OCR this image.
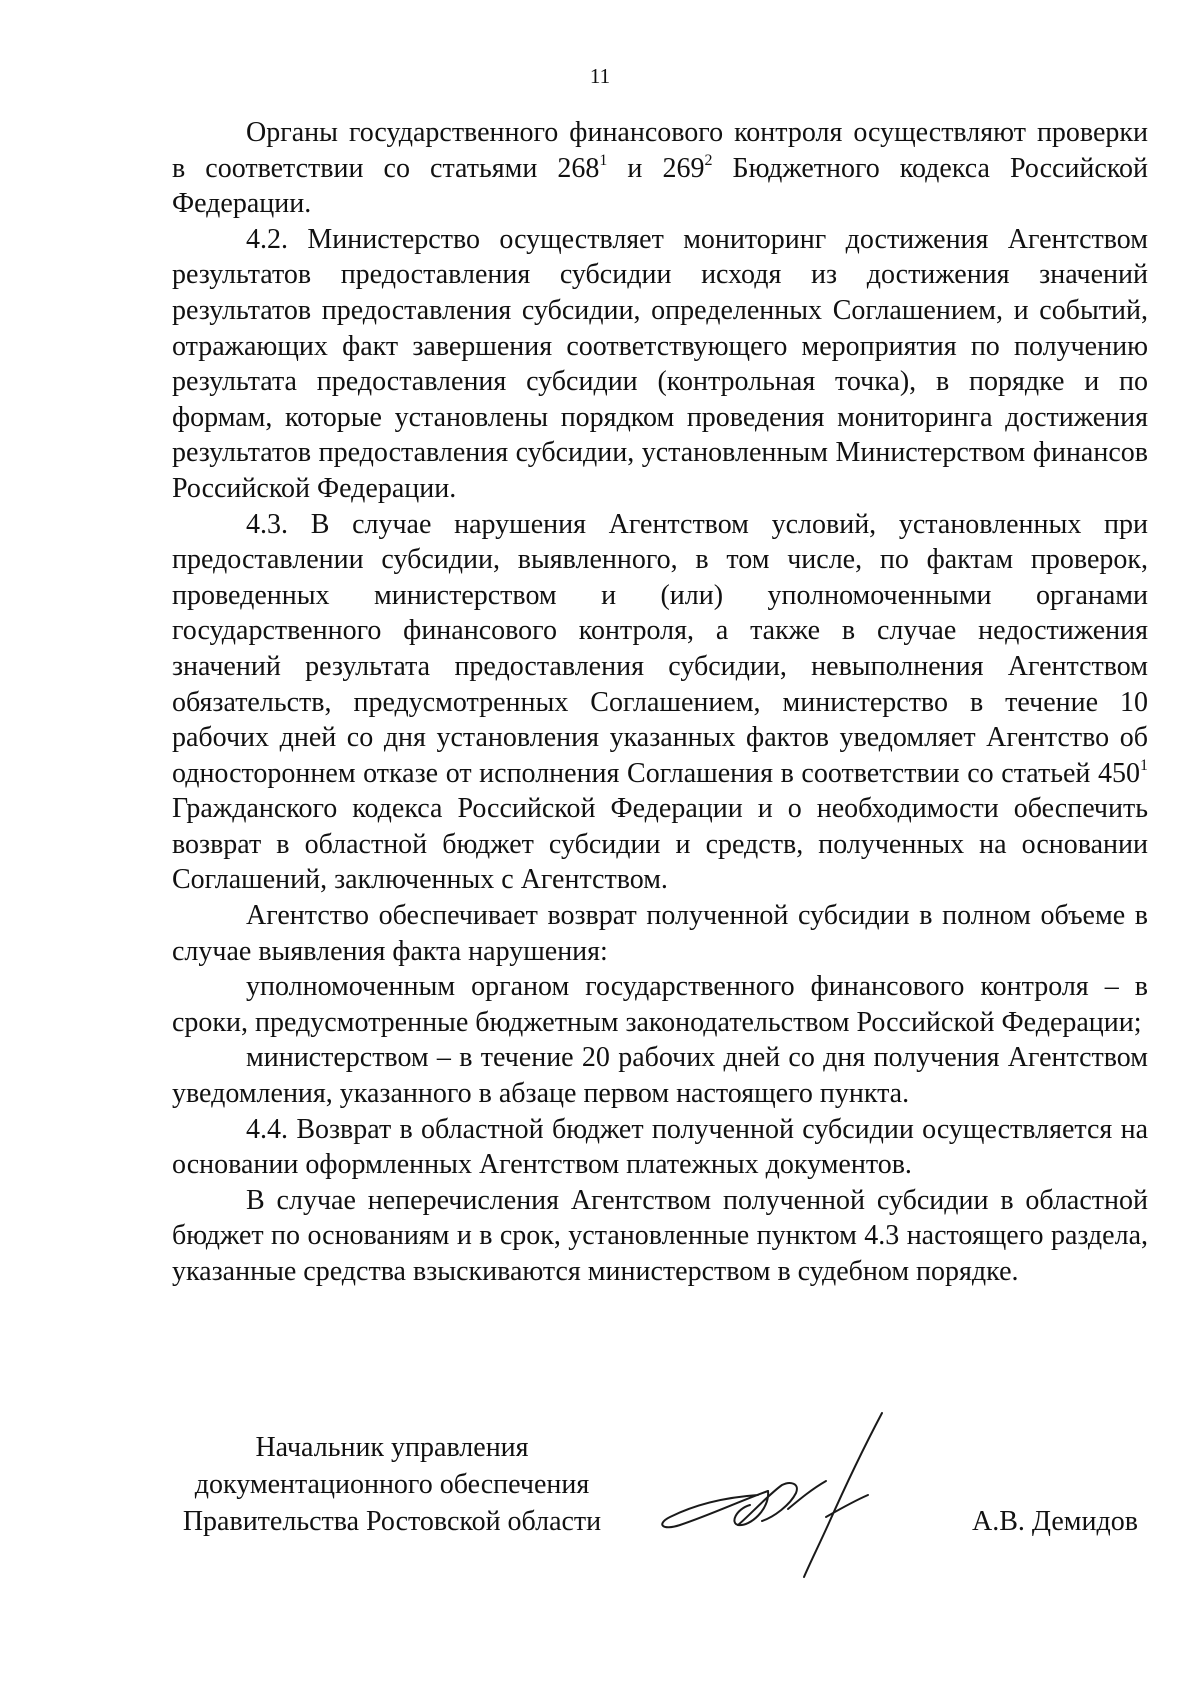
11

Органы государственного финансового контроля осуществляют проверки в соответствии со статьями $268^1$ и $269^2$ Бюджетного кодекса Российской Федерации.

4.2. Министерство осуществляет мониторинг достижения Агентством результатов предоставления субсидии исходя из достижения значений результатов предоставления субсидии, определенных Соглашением, и событий, отражающих факт завершения соответствующего мероприятия по получению результата предоставления субсидии (контрольная точка), в порядке и по формам, которые установлены порядком проведения мониторинга достижения результатов предоставления субсидии, установленным Министерством финансов Российской Федерации.

4.3. В случае нарушения Агентством условий, установленных при предоставлении субсидии, выявленного, в том числе, по фактам проверок, проведенных министерством и (или) уполномоченными органами государственного финансового контроля, а также в случае недостижения значений результата предоставления субсидии, невыполнения Агентством обязательств, предусмотренных Соглашением, министерство в течение 10 рабочих дней со дня установления указанных фактов уведомляет Агентство об одностороннем отказе от исполнения Соглашения в соответствии со статьей $450^1$ Гражданского кодекса Российской Федерации и о необходимости обеспечить возврат в областной бюджет субсидии и средств, полученных на основании Соглашений, заключенных с Агентством.

Агентство обеспечивает возврат полученной субсидии в полном объеме в случае выявления факта нарушения:

уполномоченным органом государственного финансового контроля – в сроки, предусмотренные бюджетным законодательством Российской Федерации;

министерством – в течение 20 рабочих дней со дня получения Агентством уведомления, указанного в абзаце первом настоящего пункта.

4.4. Возврат в областной бюджет полученной субсидии осуществляется на основании оформленных Агентством платежных документов.

В случае неперечисления Агентством полученной субсидии в областной бюджет по основаниям и в срок, установленные пунктом 4.3 настоящего раздела, указанные средства взыскиваются министерством в судебном порядке.

Начальник управления
документационного обеспечения
Правительства Ростовской области	А.В. Демидов
